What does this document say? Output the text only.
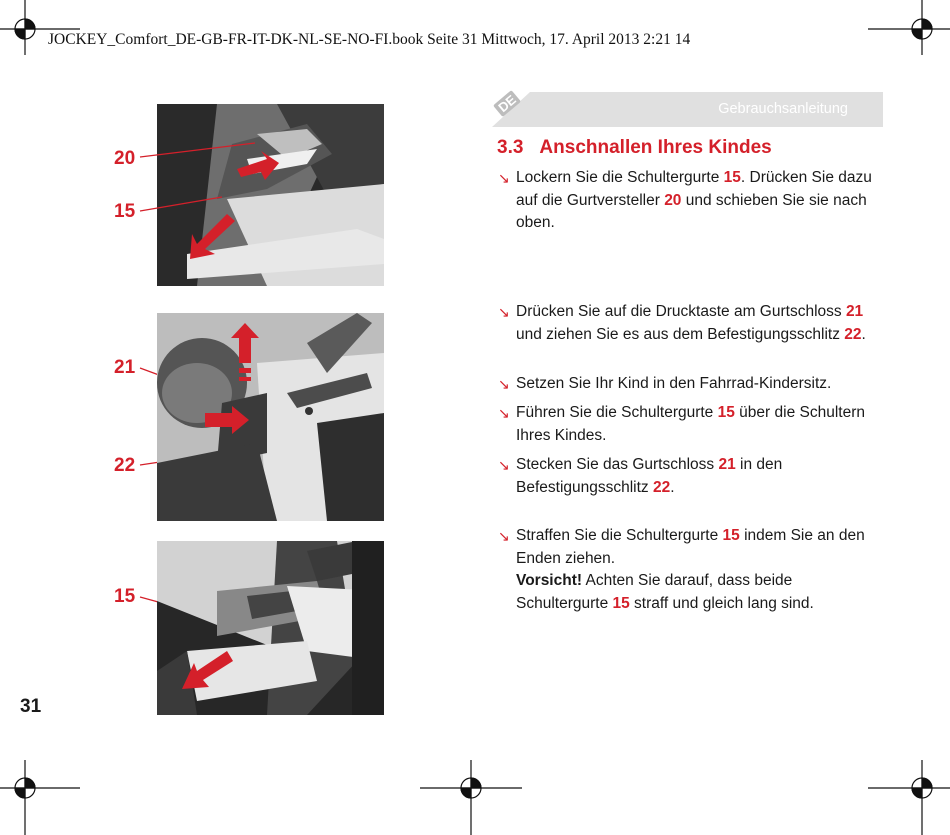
JOCKEY_Comfort_DE-GB-FR-IT-DK-NL-SE-NO-FI.book Seite 31 Mittwoch, 17. April 2013 2:21 14
20
15
21
22
15
DE	Gebrauchsanleitung
3.3 Anschnallen Ihres Kindes
↘ Lockern Sie die Schultergurte 15. Drücken Sie dazu auf die Gurtversteller 20 und schieben Sie sie nach oben.
↘ Drücken Sie auf die Drucktaste am Gurtschloss 21 und ziehen Sie es aus dem Befestigungsschlitz 22.
↘ Setzen Sie Ihr Kind in den Fahrrad-Kindersitz.
↘ Führen Sie die Schultergurte 15 über die Schultern Ihres Kindes.
↘ Stecken Sie das Gurtschloss 21 in den Befestigungsschlitz 22.
↘ Straffen Sie die Schultergurte 15 indem Sie an den Enden ziehen.
Vorsicht! Achten Sie darauf, dass beide Schultergurte 15 straff und gleich lang sind.
31
